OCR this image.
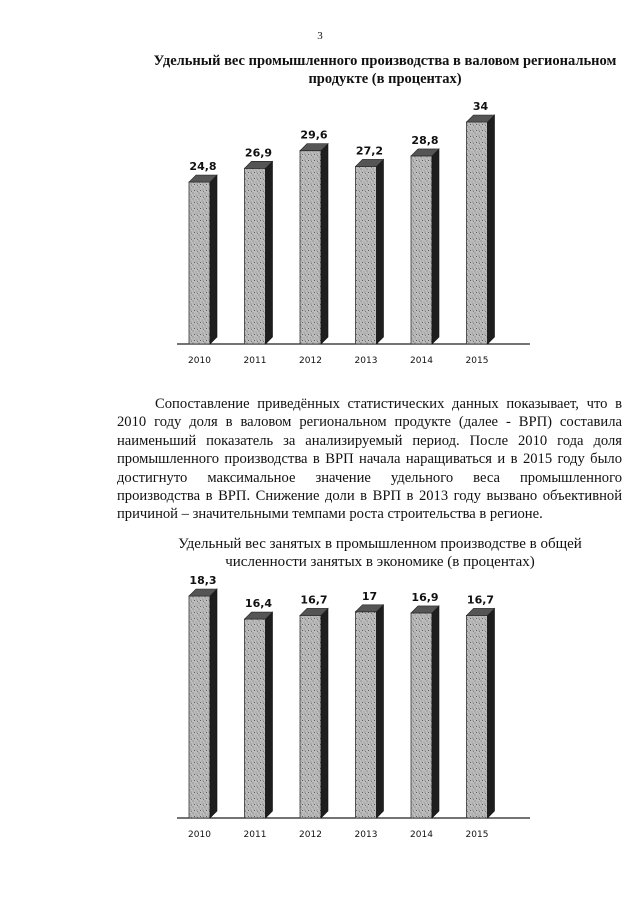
3
Удельный вес промышленного производства в валовом региональном
продукте (в процентах)
24,8
2010
26,9
2011
29,6
2012
27,2
2013
28,8
2014
34
2015

Сопоставление приведённых статистических данных показывает, что в 2010 году доля в валовом региональном продукте (далее - ВРП) составила наименьший показатель за анализируемый период. После 2010 года доля промышленного производства в ВРП начала наращиваться и в 2015 году было достигнуто максимальное значение удельного веса промышленного производства в ВРП. Снижение доли в ВРП в 2013 году вызвано объективной причиной – значительными темпами роста строительства в регионе.

Удельный вес занятых в промышленном производстве в общей
численности занятых в экономике (в процентах)
18,3
2010
16,4
2011
16,7
2012
17
2013
16,9
2014
16,7
2015
